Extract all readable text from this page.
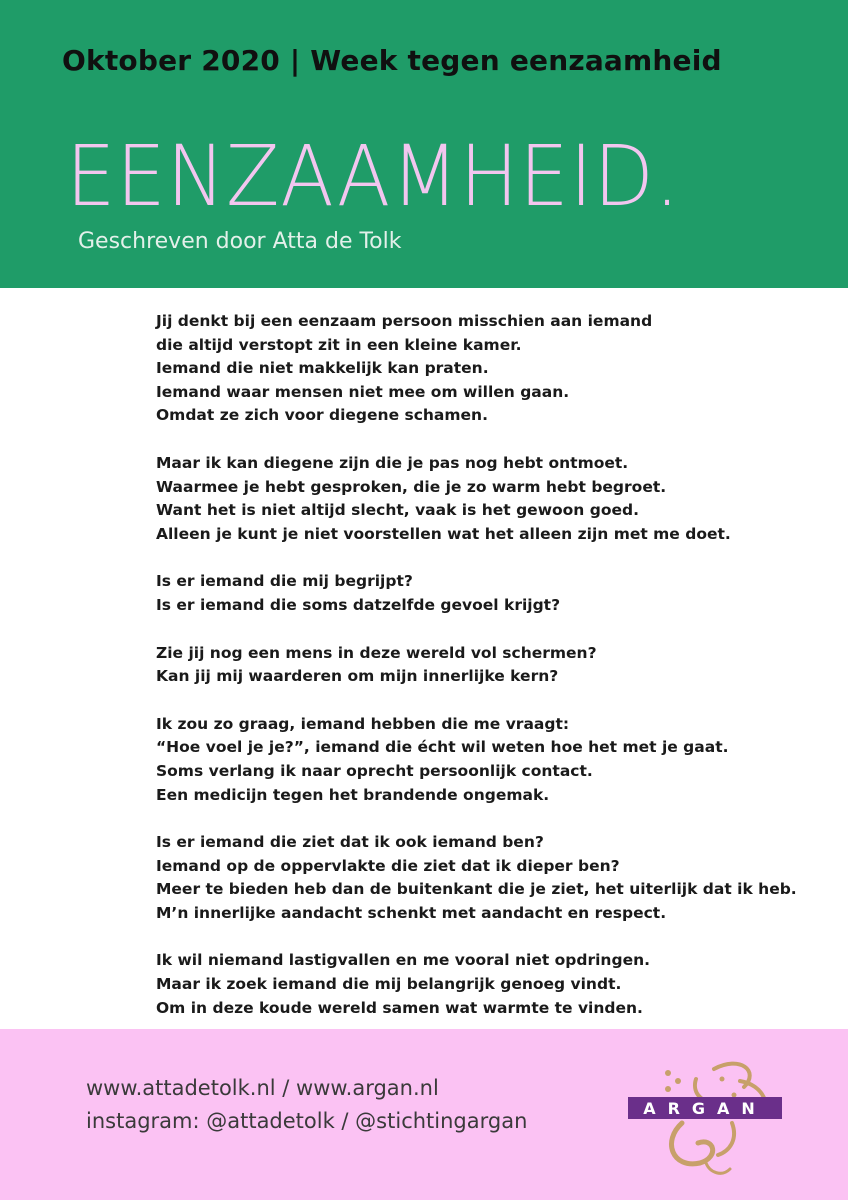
Oktober 2020 | Week tegen eenzaamheid
EENZAAMHEID.

Geschreven door Atta de Tolk

Jij denkt bij een eenzaam persoon misschien aan iemand
die altijd verstopt zit in een kleine kamer.
Iemand die niet makkelijk kan praten.
Iemand waar mensen niet mee om willen gaan.
Omdat ze zich voor diegene schamen.
Maar ik kan diegene zijn die je pas nog hebt ontmoet.
Waarmee je hebt gesproken, die je zo warm hebt begroet.
Want het is niet altijd slecht, vaak is het gewoon goed.
Alleen je kunt je niet voorstellen wat het alleen zijn met me doet.
Is er iemand die mij begrijpt?
Is er iemand die soms datzelfde gevoel krijgt?
Zie jij nog een mens in deze wereld vol schermen?
Kan jij mij waarderen om mijn innerlijke kern?
Ik zou zo graag, iemand hebben die me vraagt:
“Hoe voel je je?”, iemand die écht wil weten hoe het met je gaat.
Soms verlang ik naar oprecht persoonlijk contact.
Een medicijn tegen het brandende ongemak.
Is er iemand die ziet dat ik ook iemand ben?
Iemand op de oppervlakte die ziet dat ik dieper ben?
Meer te bieden heb dan de buitenkant die je ziet, het uiterlijk dat ik heb.
M’n innerlijke aandacht schenkt met aandacht en respect.
Ik wil niemand lastigvallen en me vooral niet opdringen.
Maar ik zoek iemand die mij belangrijk genoeg vindt.
Om in deze koude wereld samen wat warmte te vinden.

www.attadetolk.nl / www.argan.nl

instagram: @attadetolk / @stichtingargan

ARGAN
